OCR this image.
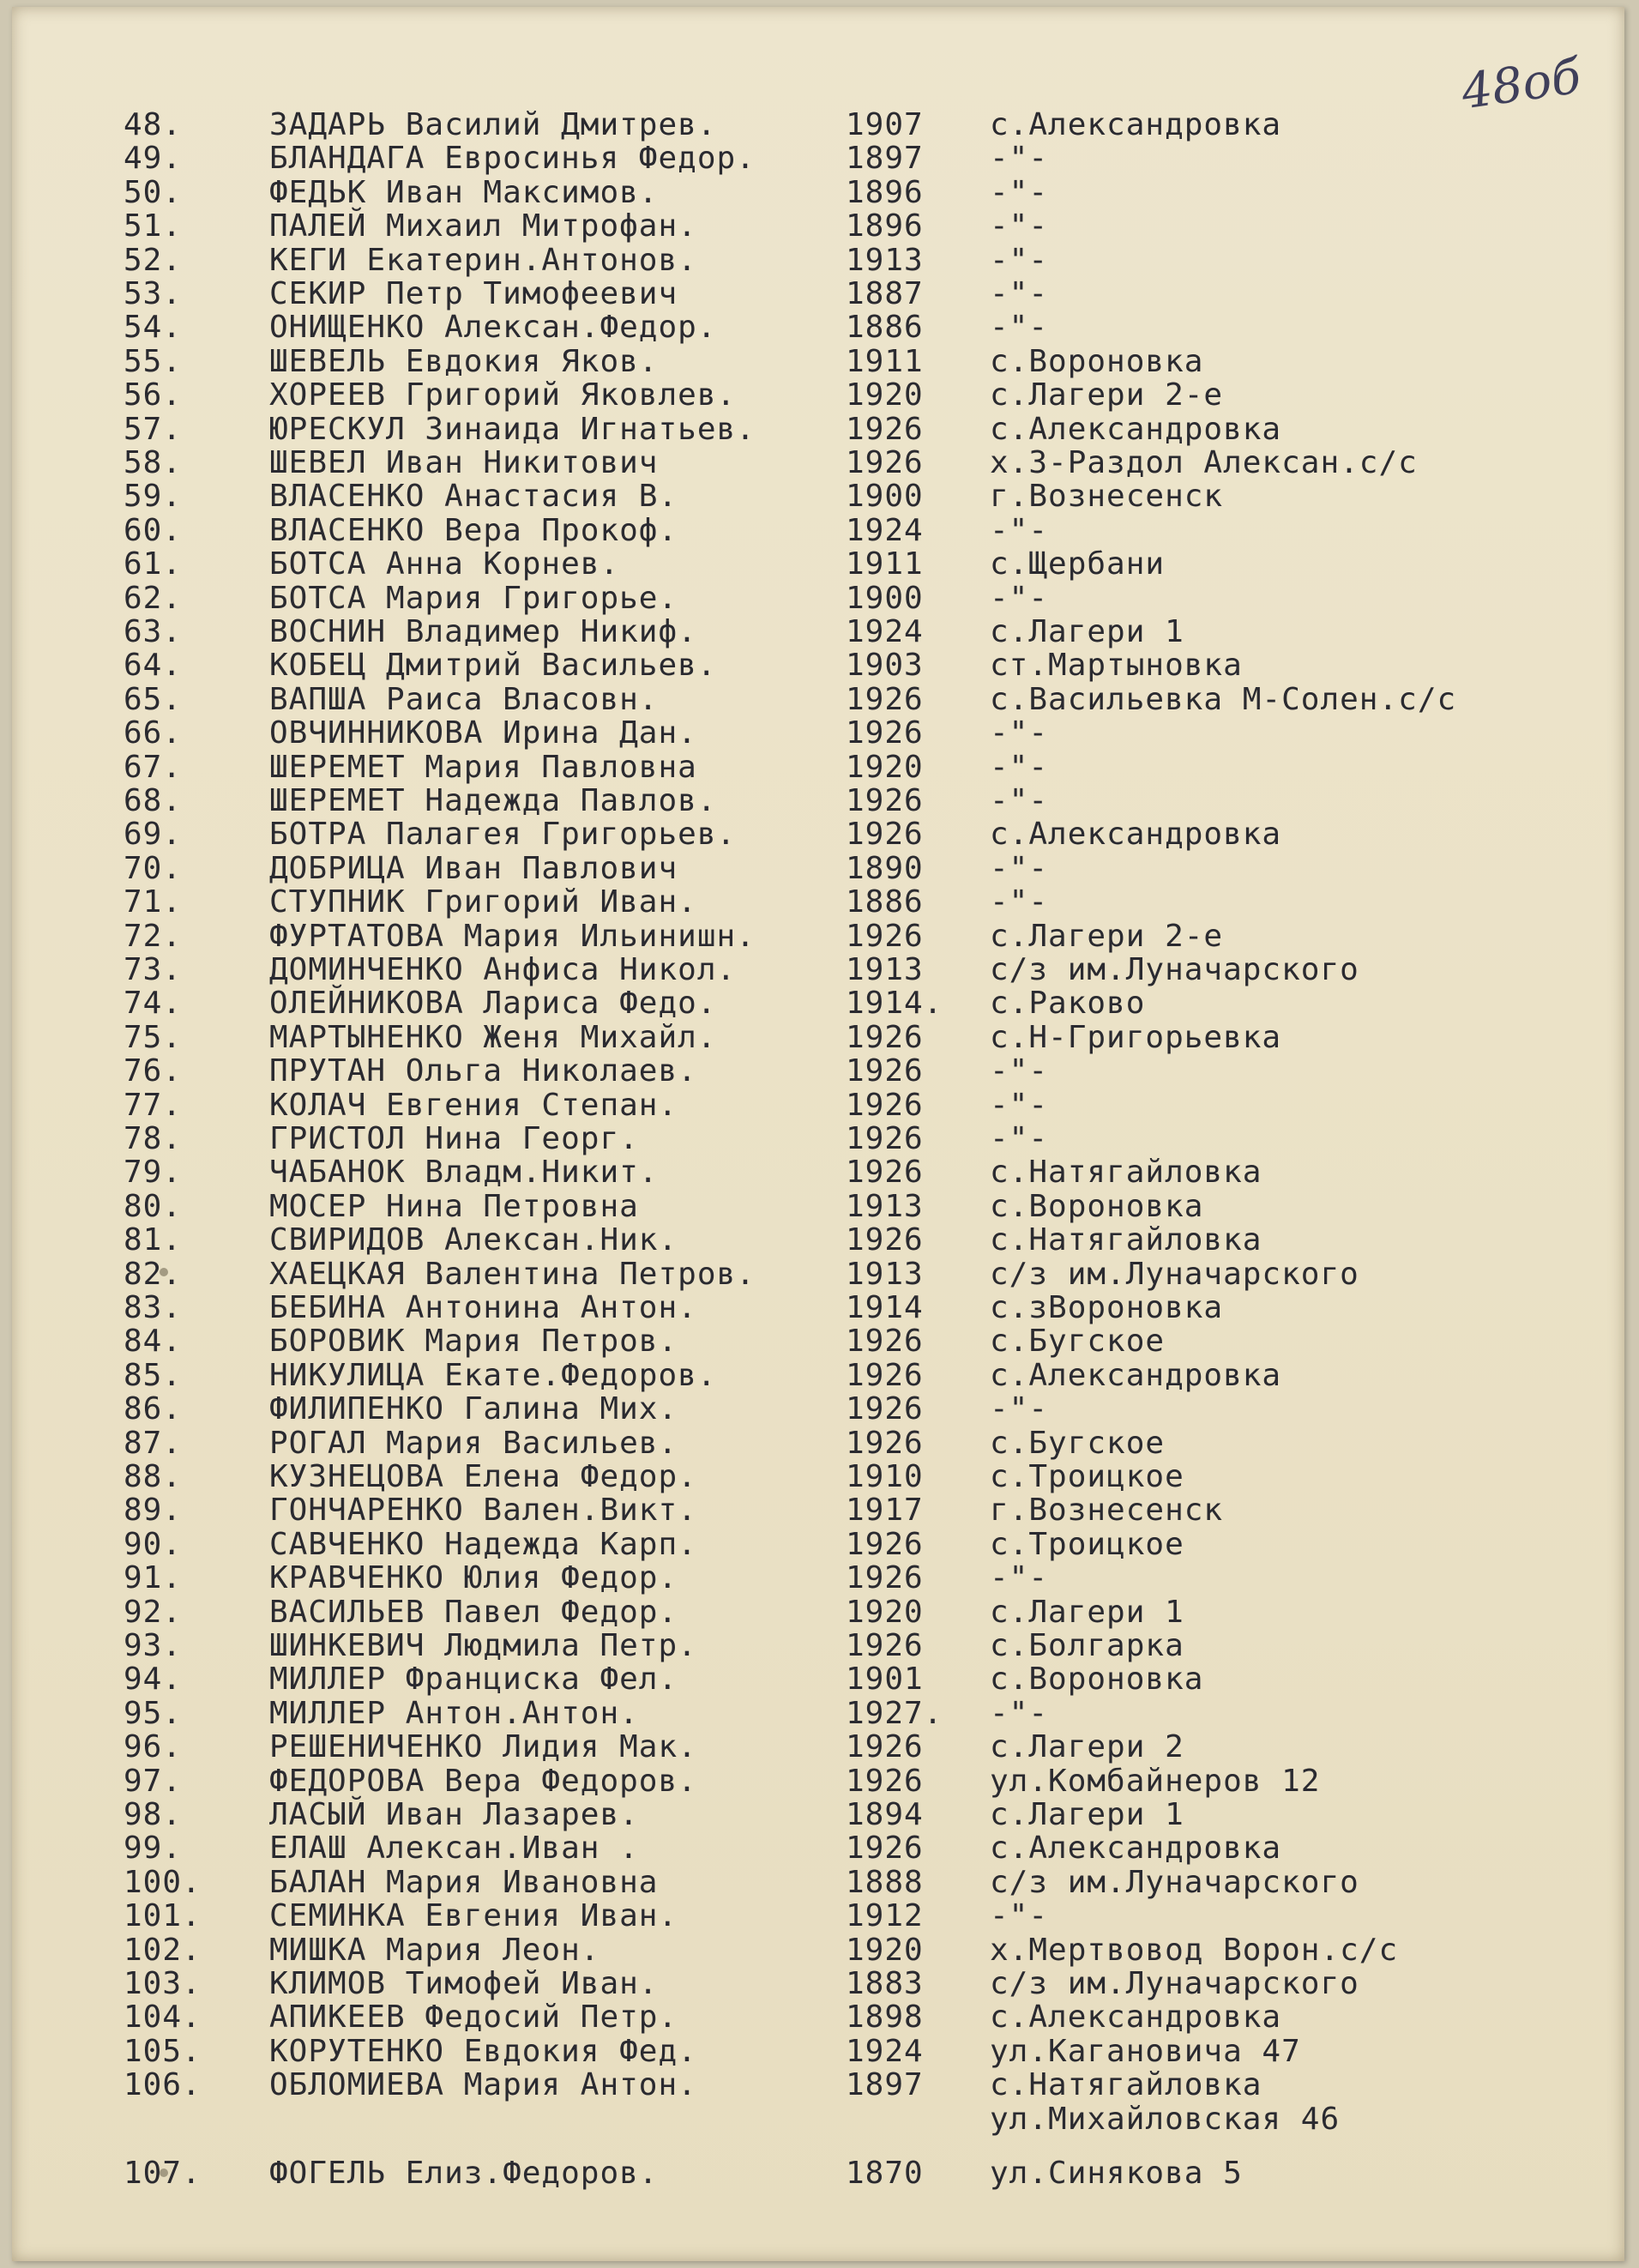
48об
48.	ЗАДАРЬ Василий Дмитрев.	1907 с.Александровка
49.	БЛАНДАГА Евросинья Федор.	1897 -"-
50.	ФЕДЬК Иван Максимов.	1896 -"-
51.	ПАЛЕЙ Михаил Митрофан.	1896 -"-
52.	КЕГИ Екатерин.Антонов.	1913 -"-
53.	СЕКИР Петр Тимофеевич	1887 -"-
54.	ОНИЩЕНКО Алексан.Федор.	1886 -"-
55.	ШЕВЕЛЬ Евдокия Яков.	1911 с.Вороновка
56.	ХОРЕЕВ Григорий Яковлев.	1920 с.Лагери 2-е
57.	ЮРЕСКУЛ Зинаида Игнатьев.	1926 с.Александровка
58.	ШЕВЕЛ Иван Никитович	1926 х.3-Раздол Алексан.с/с
59.	ВЛАСЕНКО Анастасия В.	1900 г.Вознесенск
60.	ВЛАСЕНКО Вера Прокоф.	1924 -"-
61.	БОТСА Анна Корнев.	1911 с.Щербани
62.	БОТСА Мария Григорье.	1900 -"-
63.	ВОСНИН Владимер Никиф.	1924 с.Лагери 1
64.	КОБЕЦ Дмитрий Васильев.	1903 ст.Мартыновка
65.	ВАПША Раиса Власовн.	1926 с.Васильевка М-Солен.с/с
66.	ОВЧИННИКОВА Ирина Дан.	1926 -"-
67.	ШЕРЕМЕТ Мария Павловна	1920 -"-
68.	ШЕРЕМЕТ Надежда Павлов.	1926 -"-
69.	БОТРА Палагея Григорьев.	1926 с.Александровка
70.	ДОБРИЦА Иван Павлович	1890 -"-
71.	СТУПНИК Григорий Иван.	1886 -"-
72.	ФУРТАТОВА Мария Ильинишн.	1926 с.Лагери 2-е
73.	ДОМИНЧЕНКО Анфиса Никол.	1913 с/з им.Луначарского
74.	ОЛЕЙНИКОВА Лариса Федо.	1914. с.Раково
75.	МАРТЫНЕНКО Женя Михайл.	1926 с.Н-Григорьевка
76.	ПРУТАН Ольга Николаев.	1926 -"-
77.	КОЛАЧ Евгения Степан.	1926 -"-
78.	ГРИСТОЛ Нина Георг.	1926 -"-
79.	ЧАБАНОК Владм.Никит.	1926 с.Натягайловка
80.	МОСЕР Нина Петровна	1913 с.Вороновка
81.	СВИРИДОВ Алексан.Ник.	1926 с.Натягайловка
82.	ХАЕЦКАЯ Валентина Петров.	1913 с/з им.Луначарского
83.	БЕБИНА Антонина Антон.	1914 с.зВороновка
84.	БОРОВИК Мария Петров.	1926 с.Бугское
85.	НИКУЛИЦА Екате.Федоров.	1926 с.Александровка
86.	ФИЛИПЕНКО Галина Мих.	1926 -"-
87.	РОГАЛ Мария Васильев.	1926 с.Бугское
88.	КУЗНЕЦОВА Елена Федор.	1910 с.Троицкое
89.	ГОНЧАРЕНКО Вален.Викт.	1917 г.Вознесенск
90.	САВЧЕНКО Надежда Карп.	1926 с.Троицкое
91.	КРАВЧЕНКО Юлия Федор.	1926 -"-
92.	ВАСИЛЬЕВ Павел Федор.	1920 с.Лагери 1
93.	ШИНКЕВИЧ Людмила Петр.	1926 с.Болгарка
94.	МИЛЛЕР Франциска Фел.	1901 с.Вороновка
95.	МИЛЛЕР Антон.Антон.	1927. -"-
96.	РЕШЕНИЧЕНКО Лидия Мак.	1926 с.Лагери 2
97.	ФЕДОРОВА Вера Федоров.	1926 ул.Комбайнеров 12
98.	ЛАСЫЙ Иван Лазарев.	1894 с.Лагери 1
99.	ЕЛАШ Алексан.Иван .	1926 с.Александровка
100.	БАЛАН Мария Ивановна	1888 с/з им.Луначарского
101.	СЕМИНКА Евгения Иван.	1912 -"-
102.	МИШКА Мария Леон.	1920 х.Мертвовод Ворон.с/с
103.	КЛИМОВ Тимофей Иван.	1883 с/з им.Луначарского
104.	АПИКЕЕВ Федосий Петр.	1898 с.Александровка
105.	КОРУТЕНКО Евдокия Фед.	1924 ул.Кагановича 47
106.	ОБЛОМИЕВА Мария Антон.	1897 с.Натягайловка
ул.Михайловская 46
107.	ФОГЕЛЬ Елиз.Федоров.	1870 ул.Синякова 5
